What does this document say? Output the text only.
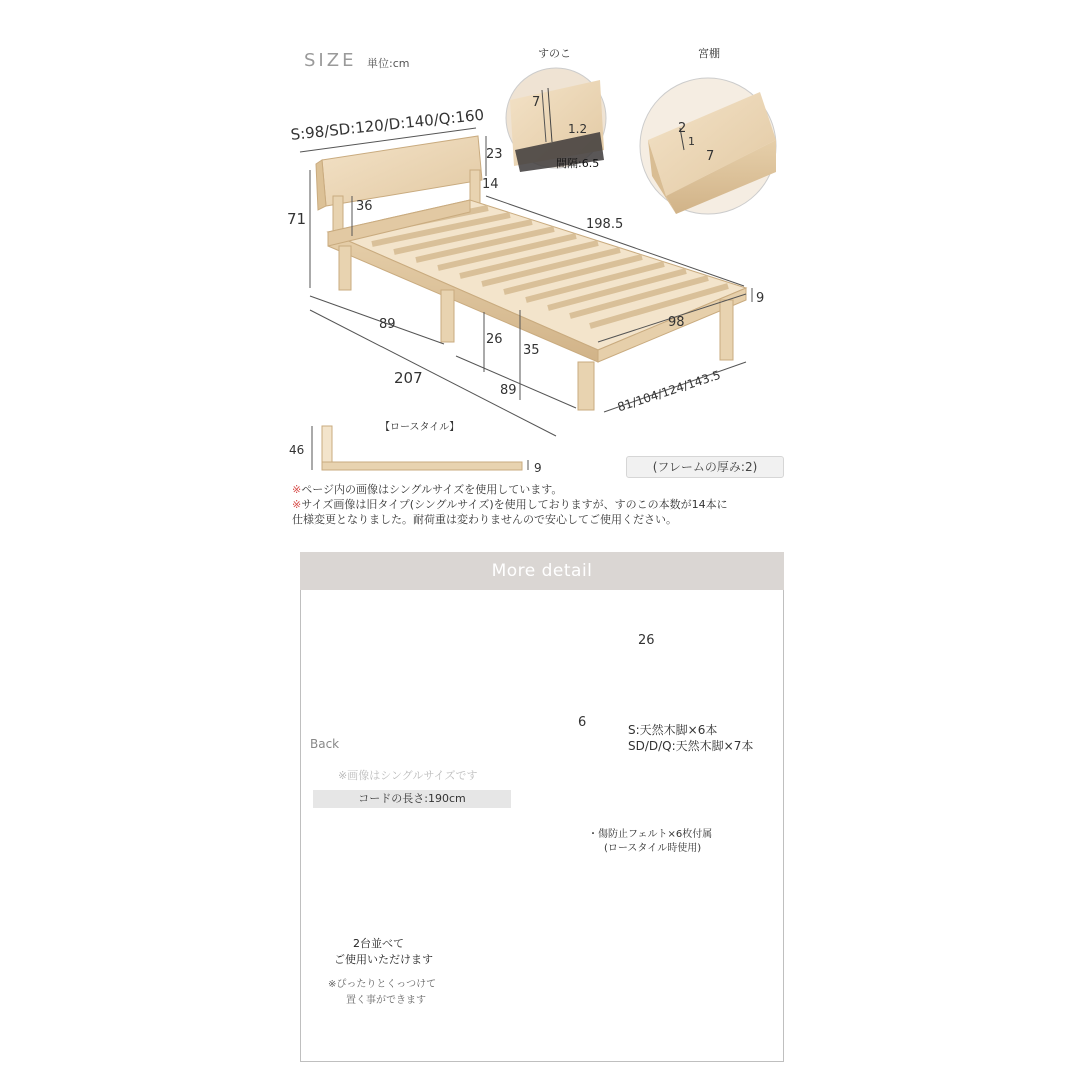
SIZE 単位:cm
すのこ	宮棚
7
1.2
間隔:6.5
2
1
7
S:98/SD:120/D:140/Q:160
23
14
71
36
198.5
9
89
26
35
98
207
89	81/104/124/143.5
【ロースタイル】
46
9	(フレームの厚み:2)
※ページ内の画像はシングルサイズを使用しています。
※サイズ画像は旧タイプ(シングルサイズ)を使用しておりますが、すのこの本数が14本に
仕様変更となりました。耐荷重は変わりませんので安心してご使用ください。
More detail
Back
※画像はシングルサイズです
コードの長さ:190cm
26
6	S:天然木脚×6本
SD/D/Q:天然木脚×7本
・傷防止フェルト×6枚付属
(ロースタイル時使用)
2台並べて
ご使用いただけます
※ぴったりとくっつけて
置く事ができます
